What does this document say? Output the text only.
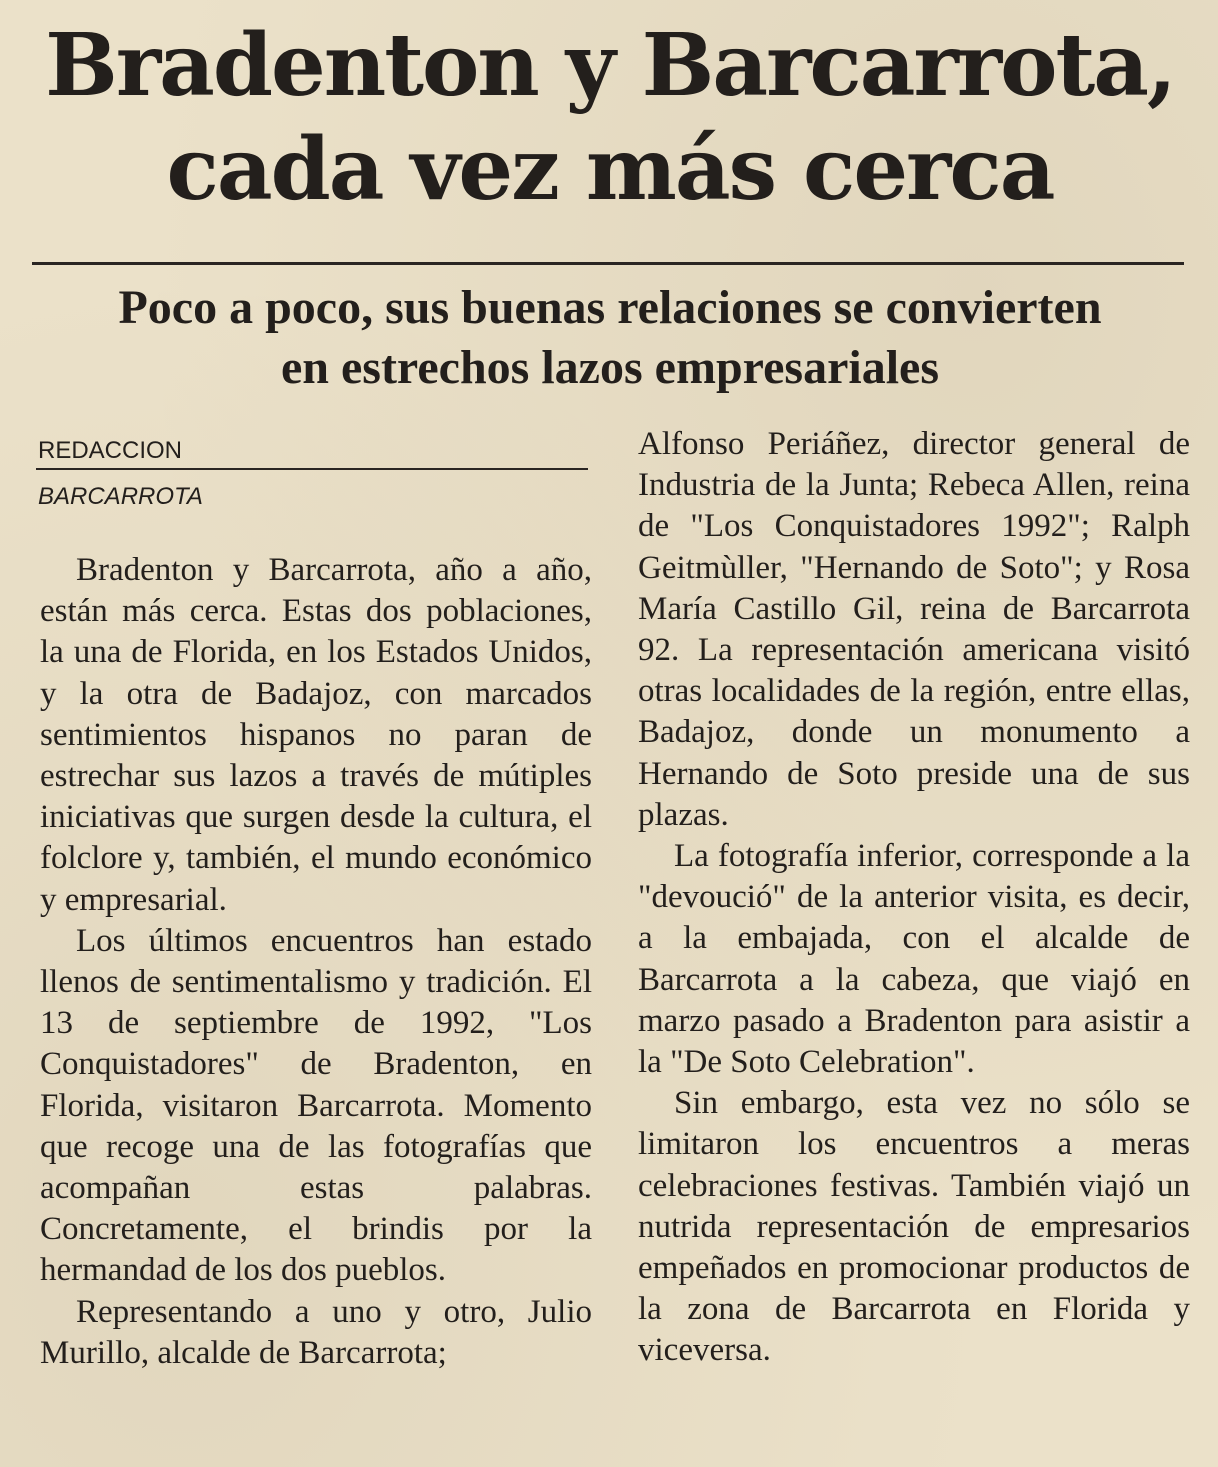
Bradenton y Barcarrota,
cada vez más cerca
Poco a poco, sus buenas relaciones se convierten
en estrechos lazos empresariales
REDACCION
BARCARROTA

Bradenton y Barcarrota, año a año, están más cerca. Estas dos poblaciones, la una de Florida, en los Estados Unidos, y la otra de Badajoz, con marcados sentimientos hispanos no paran de estrechar sus lazos a través de mútiples iniciativas que surgen desde la cultura, el folclore y, también, el mundo económico y empresarial.

Los últimos encuentros han estado llenos de sentimentalismo y tradición. El 13 de septiembre de 1992, "Los Conquistadores" de Bradenton, en Florida, visitaron Barcarrota. Momento que recoge una de las fotografías que acompañan estas palabras. Concretamente, el brindis por la hermandad de los dos pueblos.

Representando a uno y otro, Julio Murillo, alcalde de Barcarrota;

Alfonso Periáñez, director general de Industria de la Junta; Rebeca Allen, reina de "Los Conquistadores 1992"; Ralph Geitmùller, "Hernando de Soto"; y Rosa María Castillo Gil, reina de Barcarrota 92. La representación americana visitó otras localidades de la región, entre ellas, Badajoz, donde un monumento a Hernando de Soto preside una de sus plazas.

La fotografía inferior, corresponde a la "devoució" de la anterior visita, es decir, a la embajada, con el alcalde de Barcarrota a la cabeza, que viajó en marzo pasado a Bradenton para asistir a la "De Soto Celebration".

Sin embargo, esta vez no sólo se limitaron los encuentros a meras celebraciones festivas. También viajó un nutrida representación de empresarios empeñados en promocionar productos de la zona de Barcarrota en Florida y viceversa.
